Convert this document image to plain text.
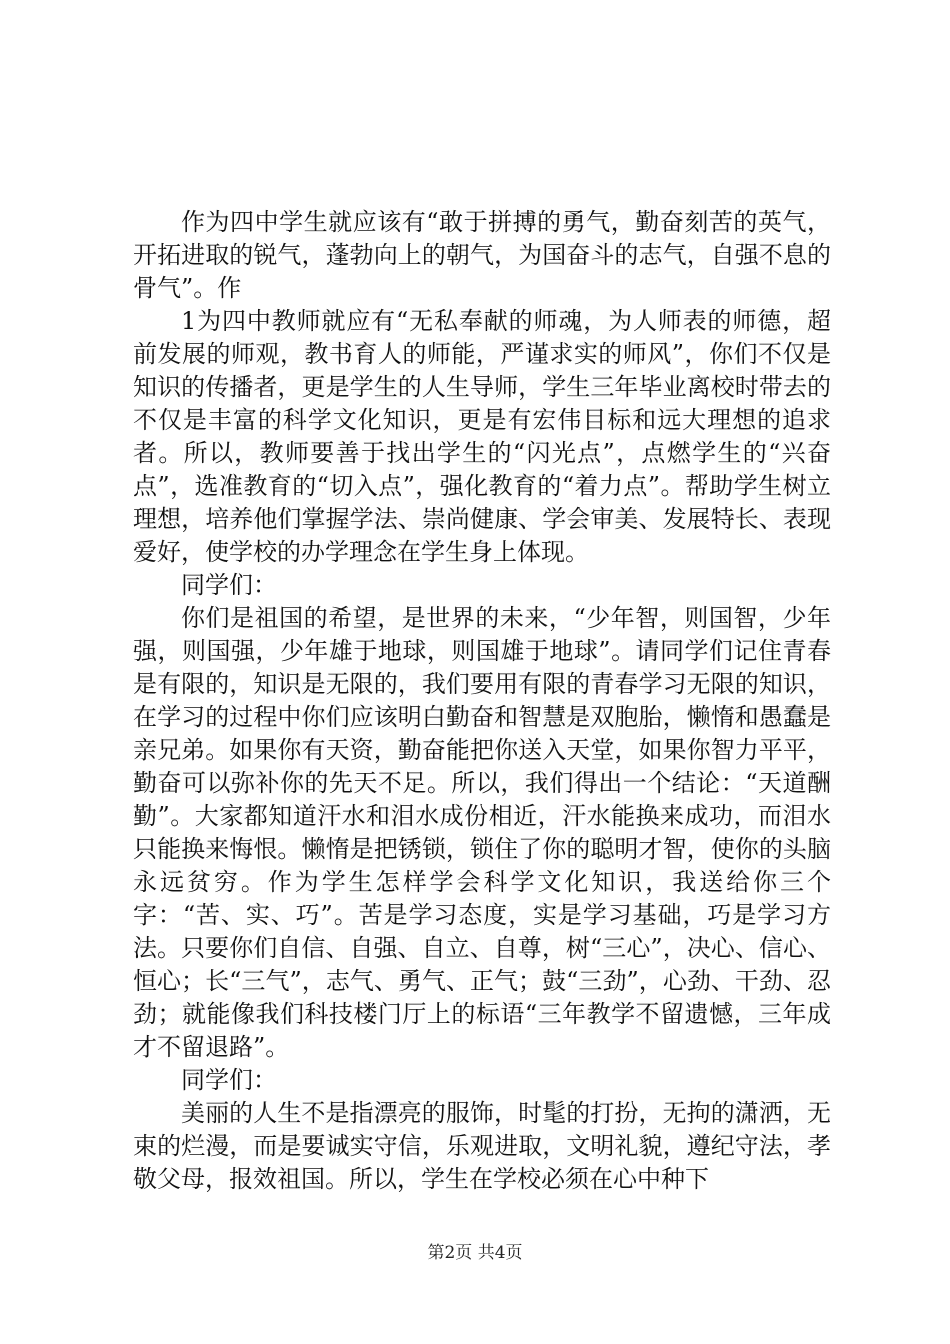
作为四中学生就应该有“敢于拼搏的勇气，勤奋刻苦的英气，开拓进取的锐气，蓬勃向上的朝气，为国奋斗的志气，自强不息的骨气”。作

1为四中教师就应有“无私奉献的师魂，为人师表的师德，超前发展的师观，教书育人的师能，严谨求实的师风”，你们不仅是知识的传播者，更是学生的人生导师，学生三年毕业离校时带去的不仅是丰富的科学文化知识，更是有宏伟目标和远大理想的追求者。所以，教师要善于找出学生的“闪光点”，点燃学生的“兴奋点”，选准教育的“切入点”，强化教育的“着力点”。帮助学生树立理想，培养他们掌握学法、崇尚健康、学会审美、发展特长、表现爱好，使学校的办学理念在学生身上体现。

同学们：

你们是祖国的希望，是世界的未来，“少年智，则国智，少年强，则国强，少年雄于地球，则国雄于地球”。请同学们记住青春是有限的，知识是无限的，我们要用有限的青春学习无限的知识，在学习的过程中你们应该明白勤奋和智慧是双胞胎，懒惰和愚蠢是亲兄弟。如果你有天资，勤奋能把你送入天堂，如果你智力平平，勤奋可以弥补你的先天不足。所以，我们得出一个结论：“天道酬勤”。大家都知道汗水和泪水成份相近，汗水能换来成功，而泪水只能换来悔恨。懒惰是把锈锁，锁住了你的聪明才智，使你的头脑永远贫穷。作为学生怎样学会科学文化知识，我送给你三个字：“苦、实、巧”。苦是学习态度，实是学习基础，巧是学习方法。只要你们自信、自强、自立、自尊，树“三心”，决心、信心、恒心；长“三气”，志气、勇气、正气；鼓“三劲”，心劲、干劲、忍劲；就能像我们科技楼门厅上的标语“三年教学不留遗憾，三年成才不留退路”。

同学们：

美丽的人生不是指漂亮的服饰，时髦的打扮，无拘的潇洒，无束的烂漫，而是要诚实守信，乐观进取，文明礼貌，遵纪守法，孝敬父母，报效祖国。所以，学生在学校必须在心中种下

第2页 共4页
